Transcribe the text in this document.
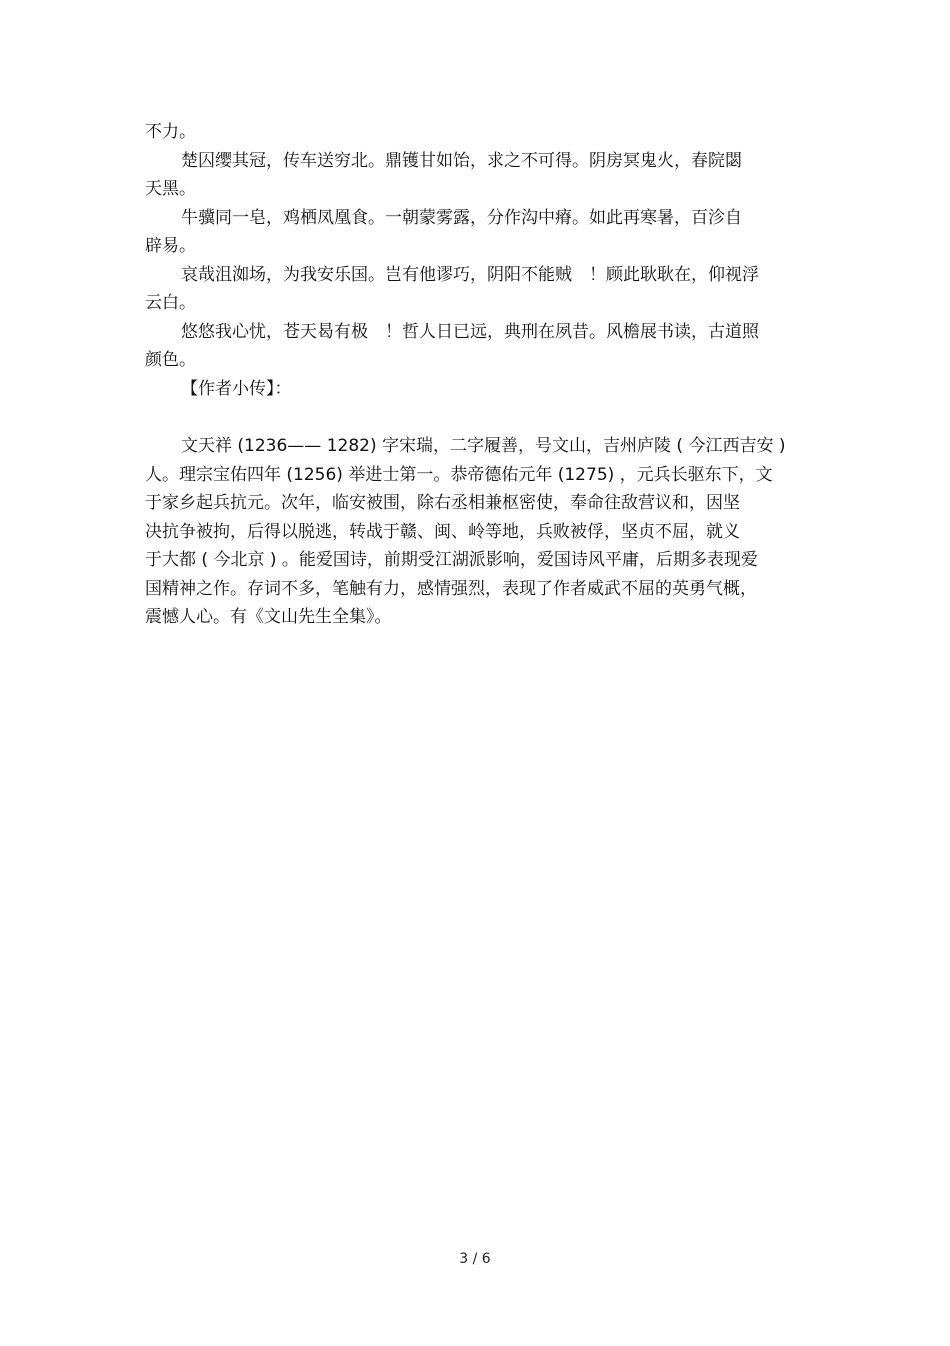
不力。
楚囚缨其冠，传车送穷北。鼎镬甘如饴，求之不可得。阴房冥鬼火，春院閟
天黑。
牛骥同一皂，鸡栖凤凰食。一朝蒙雾露，分作沟中瘠。如此再寒暑，百沴自
辟易。
哀哉沮洳场，为我安乐国。岂有他谬巧，阴阳不能贼　！顾此耿耿在，仰视浮
云白。
悠悠我心忧，苍天曷有极　！哲人日已远，典刑在夙昔。风檐展书读，古道照
颜色。
【作者小传】：
文天祥 (1236—— 1282) 字宋瑞，二字履善，号文山，吉州庐陵 ( 今江西吉安 )
人。理宗宝佑四年 (1256) 举进士第一。恭帝德佑元年 (1275) ，元兵长驱东下，文
于家乡起兵抗元。次年，临安被围，除右丞相兼枢密使，奉命往敌营议和，因坚
决抗争被拘，后得以脱逃，转战于赣、闽、岭等地，兵败被俘，坚贞不屈，就义
于大都 ( 今北京 ) 。能爱国诗，前期受江湖派影响，爱国诗风平庸，后期多表现爱
国精神之作。存词不多，笔触有力，感情强烈，表现了作者威武不屈的英勇气概，
震憾人心。有《文山先生全集》。
3 / 6
